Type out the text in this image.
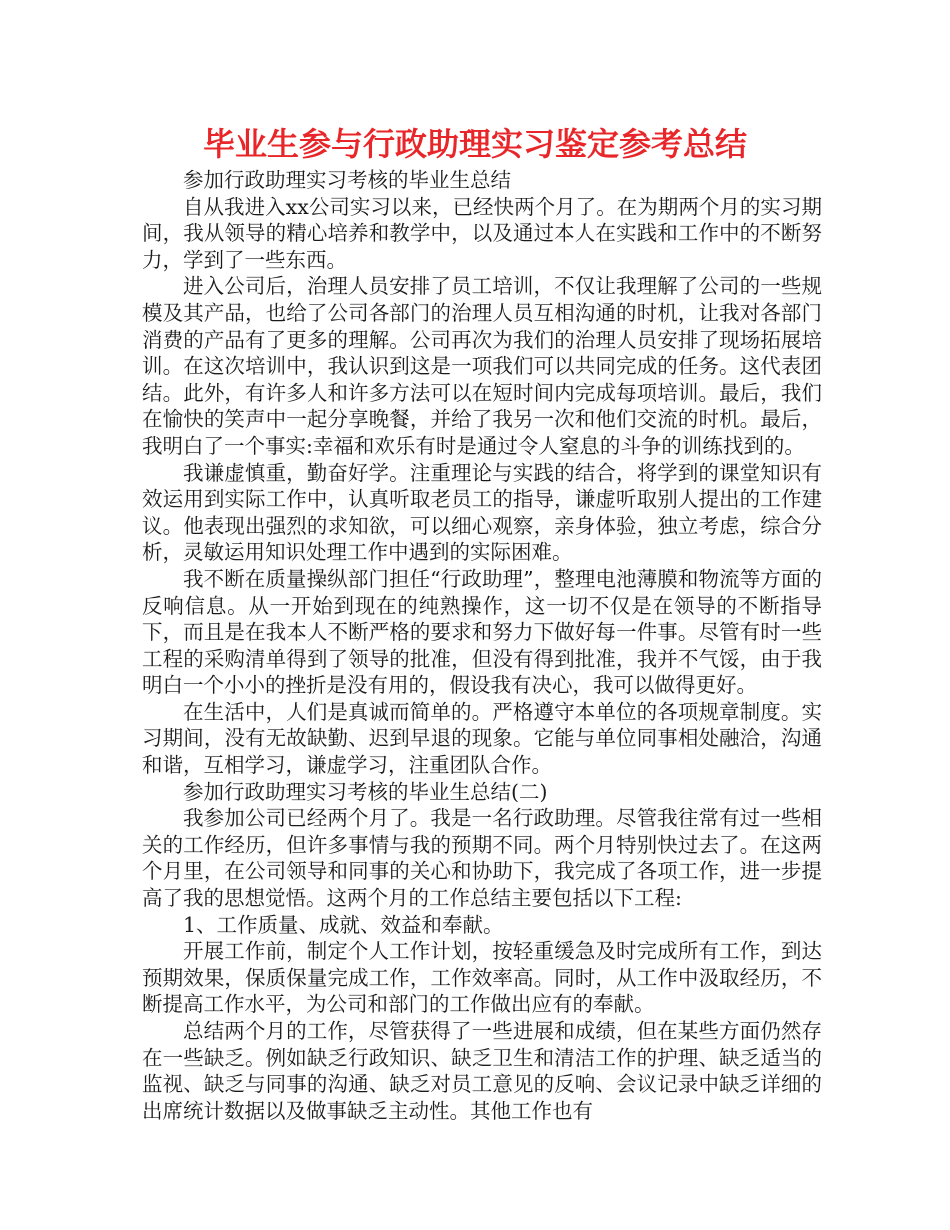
毕业生参与行政助理实习鉴定参考总结

参加行政助理实习考核的毕业生总结

自从我进入xx公司实习以来，已经快两个月了。在为期两个月的实习期间，我从领导的精心培养和教学中，以及通过本人在实践和工作中的不断努力，学到了一些东西。

进入公司后，治理人员安排了员工培训，不仅让我理解了公司的一些规模及其产品，也给了公司各部门的治理人员互相沟通的时机，让我对各部门消费的产品有了更多的理解。公司再次为我们的治理人员安排了现场拓展培训。在这次培训中，我认识到这是一项我们可以共同完成的任务。这代表团结。此外，有许多人和许多方法可以在短时间内完成每项培训。最后，我们在愉快的笑声中一起分享晚餐，并给了我另一次和他们交流的时机。最后，我明白了一个事实:幸福和欢乐有时是通过令人窒息的斗争的训练找到的。

我谦虚慎重，勤奋好学。注重理论与实践的结合，将学到的课堂知识有效运用到实际工作中，认真听取老员工的指导，谦虚听取别人提出的工作建议。他表现出强烈的求知欲，可以细心观察，亲身体验，独立考虑，综合分析，灵敏运用知识处理工作中遇到的实际困难。

我不断在质量操纵部门担任“行政助理”，整理电池薄膜和物流等方面的反响信息。从一开始到现在的纯熟操作，这一切不仅是在领导的不断指导下，而且是在我本人不断严格的要求和努力下做好每一件事。尽管有时一些工程的采购清单得到了领导的批准，但没有得到批准，我并不气馁，由于我明白一个小小的挫折是没有用的，假设我有决心，我可以做得更好。

在生活中，人们是真诚而简单的。严格遵守本单位的各项规章制度。实习期间，没有无故缺勤、迟到早退的现象。它能与单位同事相处融洽，沟通和谐，互相学习，谦虚学习，注重团队合作。

参加行政助理实习考核的毕业生总结(二)

我参加公司已经两个月了。我是一名行政助理。尽管我往常有过一些相关的工作经历，但许多事情与我的预期不同。两个月特别快过去了。在这两个月里，在公司领导和同事的关心和协助下，我完成了各项工作，进一步提高了我的思想觉悟。这两个月的工作总结主要包括以下工程:

1、工作质量、成就、效益和奉献。

开展工作前，制定个人工作计划，按轻重缓急及时完成所有工作，到达预期效果，保质保量完成工作，工作效率高。同时，从工作中汲取经历，不断提高工作水平，为公司和部门的工作做出应有的奉献。

总结两个月的工作，尽管获得了一些进展和成绩，但在某些方面仍然存在一些缺乏。例如缺乏行政知识、缺乏卫生和清洁工作的护理、缺乏适当的监视、缺乏与同事的沟通、缺乏对员工意见的反响、会议记录中缺乏详细的出席统计数据以及做事缺乏主动性。其他工作也有
